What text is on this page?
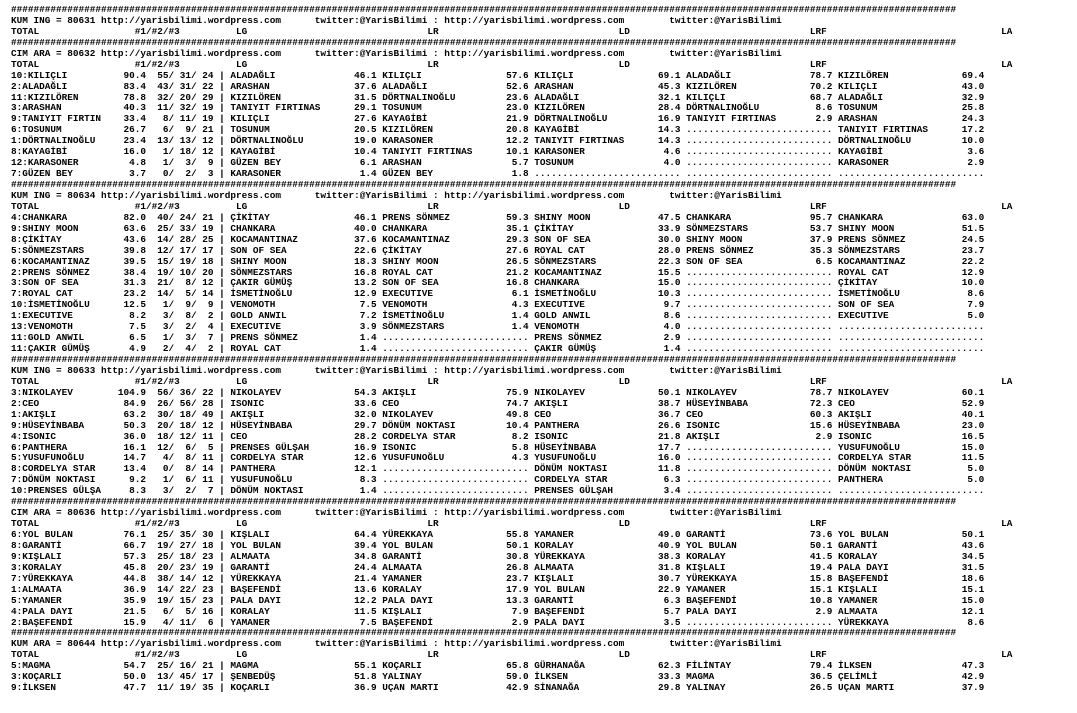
########################################################################################################################################################################
KUM ING = 80631 http://yarisbilimi.wordpress.com      twitter:@YarisBilimi : http://yarisbilimi.wordpress.com        twitter:@YarisBilimi
TOTAL                 #1/#2/#3          LG                                LR                                LD                                LRF                               LA
########################################################################################################################################################################
CIM ARA = 80632 http://yarisbilimi.wordpress.com      twitter:@YarisBilimi : http://yarisbilimi.wordpress.com        twitter:@YarisBilimi
TOTAL                 #1/#2/#3          LG                                LR                                LD                                LRF                               LA
10:KILIÇLI          90.4  55/ 31/ 24 | ALADAĞLI              46.1 KILIÇLI               57.6 KILIÇLI               69.1 ALADAĞLI              78.7 KIZILÖREN             69.4
2:ALADAĞLI          83.4  43/ 31/ 22 | ARASHAN               37.6 ALADAĞLI              52.6 ARASHAN               45.3 KIZILÖREN             70.2 KILIÇLI               43.0
11:KIZILÖREN        78.8  32/ 20/ 29 | KIZILÖREN             31.5 DÖRTNALINOĞLU         23.6 ALADAĞLI              32.1 KILIÇLI               68.7 ALADAĞLI              32.9
3:ARASHAN           40.3  11/ 32/ 19 | TANIYIT FIRTINAS      29.1 TOSUNUM               23.0 KIZILÖREN             28.4 DÖRTNALINOĞLU          8.6 TOSUNUM               25.8
9:TANIYIT FIRTIN    33.4   8/ 11/ 19 | KILIÇLI               27.6 KAYAGİBİ              21.9 DÖRTNALINOĞLU         16.9 TANIYIT FIRTINAS       2.9 ARASHAN               24.3
6:TOSUNUM           26.7   6/  9/ 21 | TOSUNUM               20.5 KIZILÖREN             20.8 KAYAGİBİ              14.3 .......................... TANIYIT FIRTINAS      17.2
1:DÖRTNALINOĞLU     23.4  13/ 13/ 12 | DÖRTNALINOĞLU         19.0 KARASONER             12.2 TANIYIT FIRTINAS      14.3 .......................... DÖRTNALINOĞLU         10.0
8:KAYAGİBİ          16.0   1/ 18/ 12 | KAYAGİBİ              10.4 TANIYIT FIRTINAS      10.1 KARASONER              4.6 .......................... KAYAGİBİ               3.6
12:KARASONER         4.8   1/  3/  9 | GÜZEN BEY              6.1 ARASHAN                5.7 TOSUNUM                4.0 .......................... KARASONER              2.9
7:GÜZEN BEY          3.7   0/  2/  3 | KARASONER              1.4 GÜZEN BEY              1.8 .......................... .......................... ..........................
########################################################################################################################################################################
KUM ING = 80634 http://yarisbilimi.wordpress.com      twitter:@YarisBilimi : http://yarisbilimi.wordpress.com        twitter:@YarisBilimi
TOTAL                 #1/#2/#3          LG                                LR                                LD                                LRF                               LA
4:CHANKARA          82.0  40/ 24/ 21 | ÇİKİTAY               46.1 PRENS SÖNMEZ          59.3 SHINY MOON            47.5 CHANKARA              95.7 CHANKARA              63.0
9:SHINY MOON        63.6  25/ 33/ 19 | CHANKARA              40.0 CHANKARA              35.1 ÇİKİTAY               33.9 SÖNMEZSTARS           53.7 SHINY MOON            51.5
8:ÇİKİTAY           43.6  14/ 28/ 25 | KOCAMANTINAZ          37.6 KOCAMANTINAZ          29.3 SON OF SEA            30.0 SHINY MOON            37.9 PRENS SÖNMEZ          24.5
5:SÖNMEZSTARS       39.8  12/ 17/ 17 | SON OF SEA            22.6 ÇİKİTAY               27.6 ROYAL CAT             28.0 PRENS SÖNMEZ          35.3 SÖNMEZSTARS           23.7
6:KOCAMANTINAZ      39.5  15/ 19/ 18 | SHINY MOON            18.3 SHINY MOON            26.5 SÖNMEZSTARS           22.3 SON OF SEA             6.5 KOCAMANTINAZ          22.2
2:PRENS SÖNMEZ      38.4  19/ 10/ 20 | SÖNMEZSTARS           16.8 ROYAL CAT             21.2 KOCAMANTINAZ          15.5 .......................... ROYAL CAT             12.9
3:SON OF SEA        31.3  21/  8/ 12 | ÇAKIR GÜMÜŞ           13.2 SON OF SEA            16.8 CHANKARA              15.0 .......................... ÇİKİTAY               10.0
7:ROYAL CAT         23.2  14/  5/ 14 | İSMETİNOĞLU           12.9 EXECUTIVE              6.1 İSMETİNOĞLU           10.3 .......................... İSMETİNOĞLU            8.6
10:İSMETİNOĞLU      12.5   1/  9/  9 | VENOMOTH               7.5 VENOMOTH               4.3 EXECUTIVE              9.7 .......................... SON OF SEA             7.9
1:EXECUTIVE          8.2   3/  8/  2 | GOLD ANWIL             7.2 İSMETİNOĞLU            1.4 GOLD ANWIL             8.6 .......................... EXECUTIVE              5.0
13:VENOMOTH          7.5   3/  2/  4 | EXECUTIVE              3.9 SÖNMEZSTARS            1.4 VENOMOTH               4.0 .......................... ..........................
11:GOLD ANWIL        6.5   1/  3/  7 | PRENS SÖNMEZ           1.4 .......................... PRENS SÖNMEZ           2.9 .......................... ..........................
11:ÇAKIR GÜMÜŞ       4.9   2/  4/  2 | ROYAL CAT              1.4 .......................... ÇAKIR GÜMÜŞ            1.4 .......................... ..........................
########################################################################################################################################################################
KUM ING = 80633 http://yarisbilimi.wordpress.com      twitter:@YarisBilimi : http://yarisbilimi.wordpress.com        twitter:@YarisBilimi
TOTAL                 #1/#2/#3          LG                                LR                                LD                                LRF                               LA
3:NIKOLAYEV        104.9  56/ 36/ 22 | NIKOLAYEV             54.3 AKIŞLI                75.9 NIKOLAYEV             50.1 NIKOLAYEV             78.7 NIKOLAYEV             60.1
2:CEO               84.9  26/ 56/ 28 | ISONIC                33.6 CEO                   74.7 AKIŞLI                38.7 HÜSEYİNBABA           72.3 CEO                   52.9
1:AKIŞLI            63.2  30/ 18/ 49 | AKIŞLI                32.0 NIKOLAYEV             49.8 CEO                   36.7 CEO                   60.3 AKIŞLI                40.1
9:HÜSEYİNBABA       50.3  20/ 18/ 12 | HÜSEYİNBABA           29.7 DÖNÜM NOKTASI         10.4 PANTHERA              26.6 ISONIC                15.6 HÜSEYİNBABA           23.0
4:ISONIC            36.0  18/ 12/ 11 | CEO                   28.2 CORDELYA STAR          8.2 ISONIC                21.8 AKIŞLI                 2.9 ISONIC                16.5
6:PANTHERA          16.1  12/  6/  5 | PRENSES GÜLŞAH        16.9 ISONIC                 5.8 HÜSEYİNBABA           17.7 .......................... YUSUFUNOĞLU           15.0
5:YUSUFUNOĞLU       14.7   4/  8/ 11 | CORDELYA STAR         12.6 YUSUFUNOĞLU            4.3 YUSUFUNOĞLU           16.0 .......................... CORDELYA STAR         11.5
8:CORDELYA STAR     13.4   0/  8/ 14 | PANTHERA              12.1 .......................... DÖNÜM NOKTASI         11.8 .......................... DÖNÜM NOKTASI          5.0
7:DÖNÜM NOKTASI      9.2   1/  6/ 11 | YUSUFUNOĞLU            8.3 .......................... CORDELYA STAR          6.3 .......................... PANTHERA               5.0
10:PRENSES GÜLŞA     8.3   3/  2/  7 | DÖNÜM NOKTASI          1.4 .......................... PRENSES GÜLŞAH         3.4 .......................... ..........................
########################################################################################################################################################################
CIM ARA = 80636 http://yarisbilimi.wordpress.com      twitter:@YarisBilimi : http://yarisbilimi.wordpress.com        twitter:@YarisBilimi
TOTAL                 #1/#2/#3          LG                                LR                                LD                                LRF                               LA
6:YOL BULAN         76.1  25/ 35/ 30 | KIŞLALI               64.4 YÜREKKAYA             55.8 YAMANER               49.0 GARANTİ               73.6 YOL BULAN             50.1
8:GARANTİ           66.7  19/ 27/ 18 | YOL BULAN             39.4 YOL BULAN             50.1 KORALAY               40.9 YOL BULAN             50.1 GARANTİ               43.6
9:KIŞLALI           57.3  25/ 18/ 23 | ALMAATA               34.8 GARANTİ               30.8 YÜREKKAYA             38.3 KORALAY               41.5 KORALAY               34.5
3:KORALAY           45.8  20/ 23/ 19 | GARANTİ               24.4 ALMAATA               26.8 ALMAATA               31.8 KIŞLALI               19.4 PALA DAYI             31.5
7:YÜREKKAYA         44.8  38/ 14/ 12 | YÜREKKAYA             21.4 YAMANER               23.7 KIŞLALI               30.7 YÜREKKAYA             15.8 BAŞEFENDİ             18.6
1:ALMAATA           36.9  14/ 22/ 23 | BAŞEFENDİ             13.6 KORALAY               17.9 YOL BULAN             22.9 YAMANER               15.1 KIŞLALI               15.1
5:YAMANER           35.9  19/ 15/ 23 | PALA DAYI             12.2 PALA DAYI             13.3 GARANTİ                6.3 BAŞEFENDİ             10.8 YAMANER               15.0
4:PALA DAYI         21.5   6/  5/ 16 | KORALAY               11.5 KIŞLALI                7.9 BAŞEFENDİ              5.7 PALA DAYI              2.9 ALMAATA               12.1
2:BAŞEFENDİ         15.9   4/ 11/  6 | YAMANER                7.5 BAŞEFENDİ              2.9 PALA DAYI              3.5 .......................... YÜREKKAYA              8.6
########################################################################################################################################################################
KUM ARA = 80644 http://yarisbilimi.wordpress.com      twitter:@YarisBilimi : http://yarisbilimi.wordpress.com        twitter:@YarisBilimi
TOTAL                 #1/#2/#3          LG                                LR                                LD                                LRF                               LA
5:MAGMA             54.7  25/ 16/ 21 | MAGMA                 55.1 KOÇARLI               65.8 GÜRHANAĞA             62.3 FİLİNTAY              79.4 İLKSEN                47.3
3:KOÇARLI           50.0  13/ 45/ 17 | ŞENBEDÜŞ              51.8 YALINAY               59.0 İLKSEN                33.3 MAGMA                 36.5 ÇELİMLİ               42.9
9:İLKSEN            47.7  11/ 19/ 35 | KOÇARLI               36.9 UÇAN MARTI            42.9 SİNANAĞA              29.8 YALINAY               26.5 UÇAN MARTI            37.9
